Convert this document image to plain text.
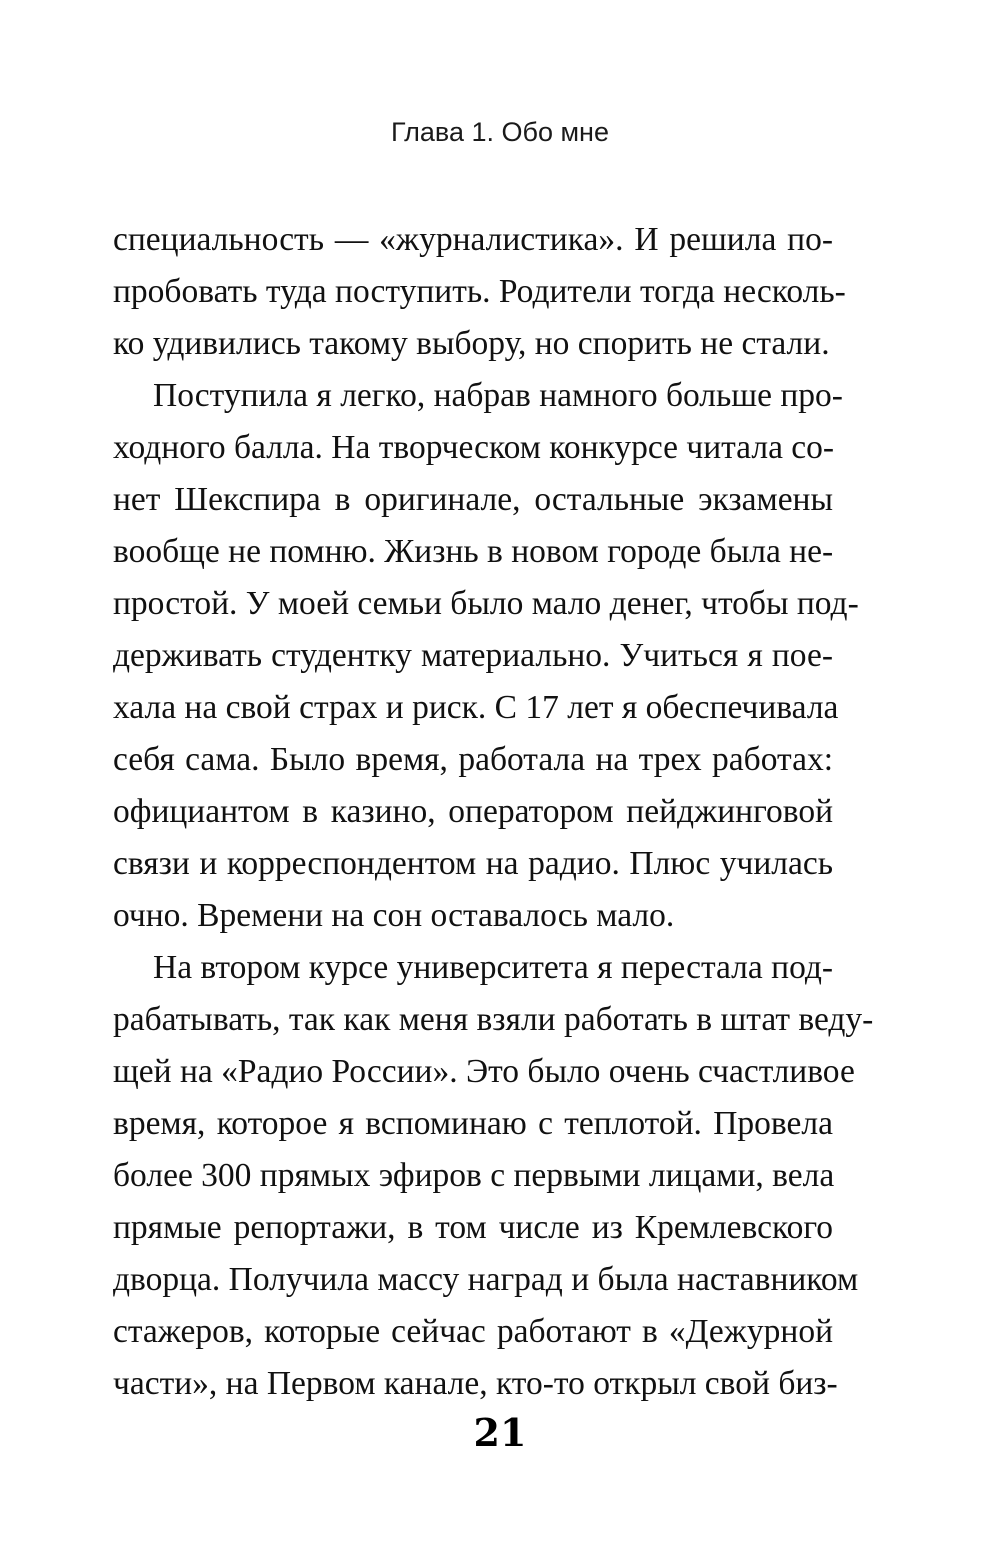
Глава 1. Обо мне
специальность — «журналистика». И решила по-
пробовать туда поступить. Родители тогда несколь-
ко удивились такому выбору, но спорить не стали.
Поступила я легко, набрав намного больше про-
ходного балла. На творческом конкурсе читала со-
нет Шекспира в оригинале, остальные экзамены
вообще не помню. Жизнь в новом городе была не-
простой. У моей семьи было мало денег, чтобы под-
держивать студентку материально. Учиться я пое-
хала на свой страх и риск. С 17 лет я обеспечивала
себя сама. Было время, работала на трех работах:
официантом в казино, оператором пейджинговой
связи и корреспондентом на радио. Плюс училась
очно. Времени на сон оставалось мало.
На втором курсе университета я перестала под-
рабатывать, так как меня взяли работать в штат веду-
щей на «Радио России». Это было очень счастливое
время, которое я вспоминаю с теплотой. Провела
более 300 прямых эфиров с первыми лицами, вела
прямые репортажи, в том числе из Кремлевского
дворца. Получила массу наград и была наставником
стажеров, которые сейчас работают в «Дежурной
части», на Первом канале, кто-то открыл свой биз-
21
